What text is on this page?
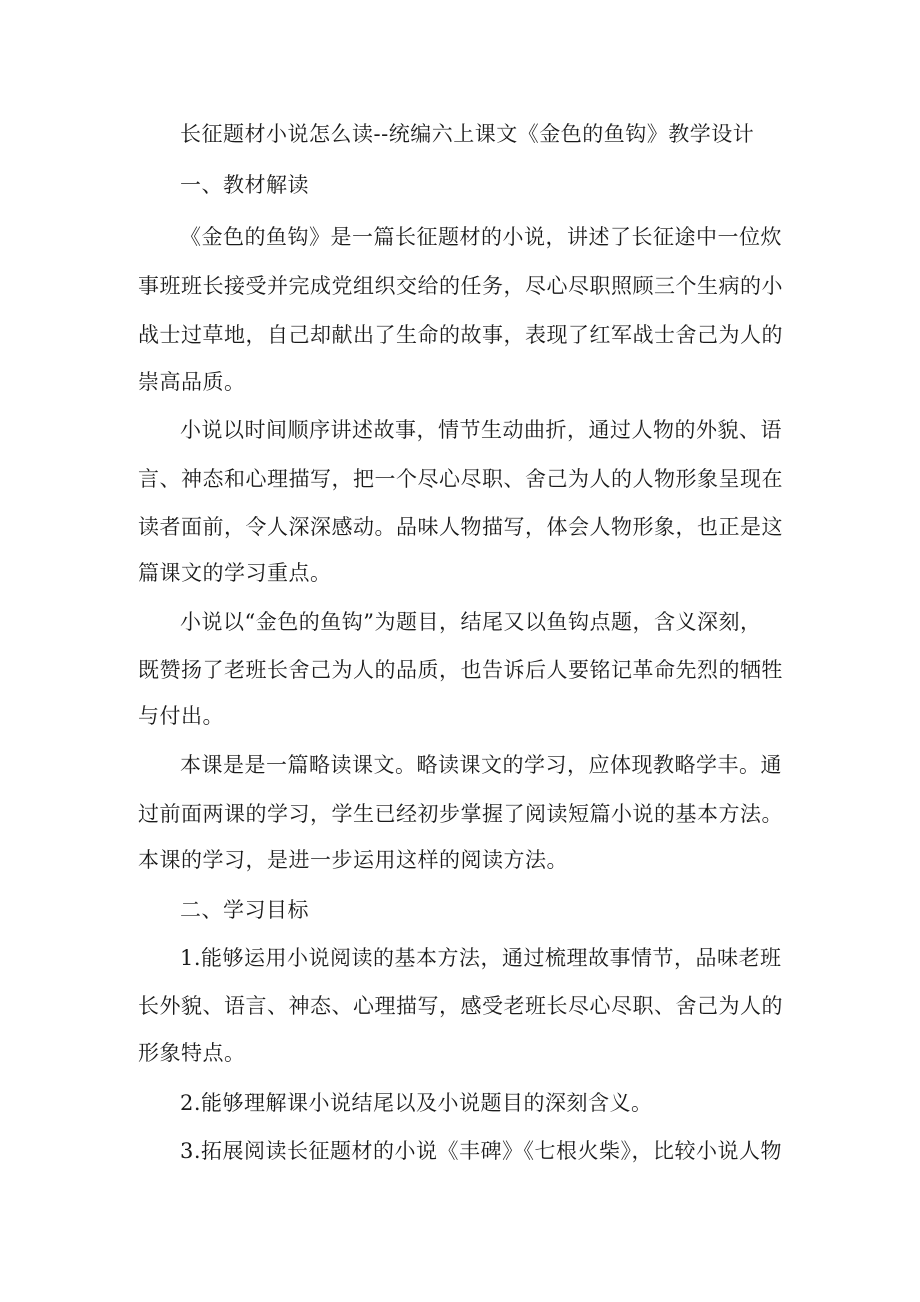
长征题材小说怎么读--统编六上课文《金色的鱼钩》教学设计
一、教材解读
《金色的鱼钩》是一篇长征题材的小说，讲述了长征途中一位炊
事班班长接受并完成党组织交给的任务，尽心尽职照顾三个生病的小
战士过草地，自己却献出了生命的故事，表现了红军战士舍己为人的
崇高品质。
小说以时间顺序讲述故事，情节生动曲折，通过人物的外貌、语
言、神态和心理描写，把一个尽心尽职、舍己为人的人物形象呈现在
读者面前，令人深深感动。品味人物描写，体会人物形象，也正是这
篇课文的学习重点。
小说以“金色的鱼钩”为题目，结尾又以鱼钩点题，含义深刻，
既赞扬了老班长舍己为人的品质，也告诉后人要铭记革命先烈的牺牲
与付出。
本课是是一篇略读课文。略读课文的学习，应体现教略学丰。通
过前面两课的学习，学生已经初步掌握了阅读短篇小说的基本方法。
本课的学习，是进一步运用这样的阅读方法。
二、学习目标
1.能够运用小说阅读的基本方法，通过梳理故事情节，品味老班
长外貌、语言、神态、心理描写，感受老班长尽心尽职、舍己为人的
形象特点。
2.能够理解课小说结尾以及小说题目的深刻含义。
3.拓展阅读长征题材的小说《丰碑》《七根火柴》，比较小说人物
